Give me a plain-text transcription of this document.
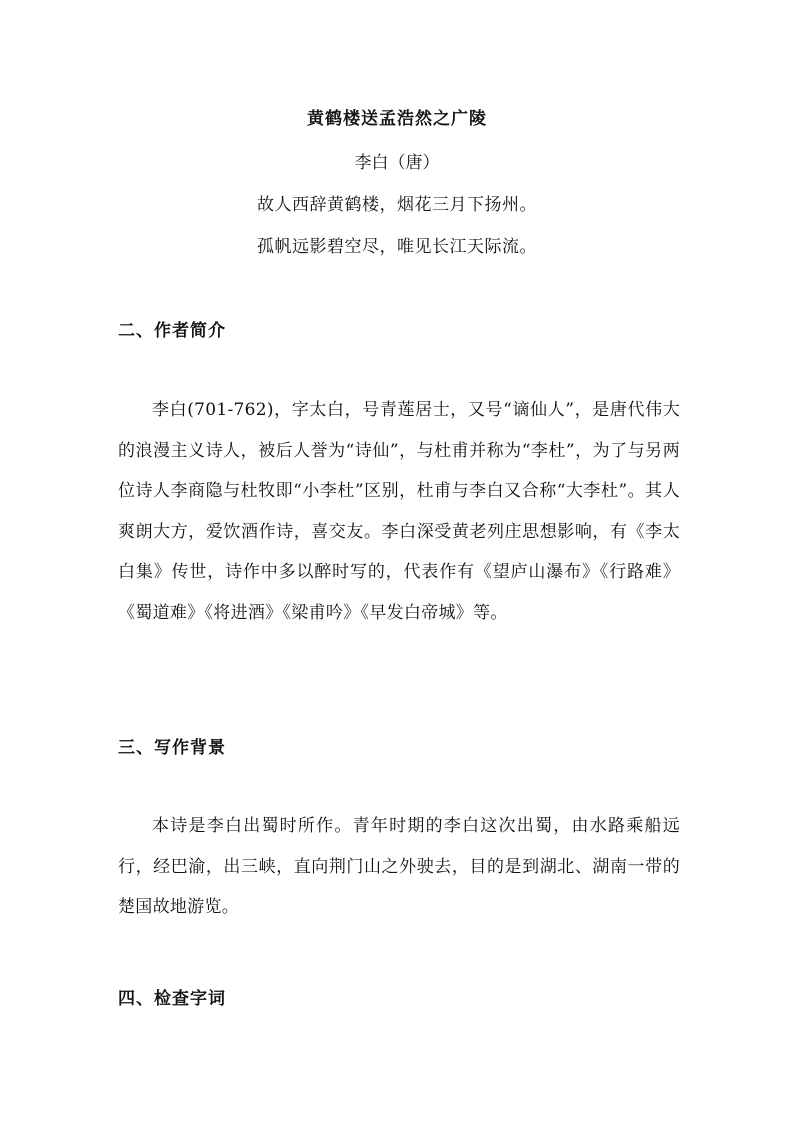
黄鹤楼送孟浩然之广陵
李白（唐）
故人西辞黄鹤楼，烟花三月下扬州。
孤帆远影碧空尽，唯见长江天际流。
二、作者简介
李白(701-762)，字太白，号青莲居士，又号“谪仙人”，是唐代伟大的浪漫主义诗人，被后人誉为“诗仙”，与杜甫并称为“李杜”，为了与另两位诗人李商隐与杜牧即“小李杜”区别，杜甫与李白又合称“大李杜”。其人爽朗大方，爱饮酒作诗，喜交友。李白深受黄老列庄思想影响，有《李太白集》传世，诗作中多以醉时写的，代表作有《望庐山瀑布》《行路难》《蜀道难》《将进酒》《梁甫吟》《早发白帝城》等。
三、写作背景
本诗是李白出蜀时所作。青年时期的李白这次出蜀，由水路乘船远行，经巴渝，出三峡，直向荆门山之外驶去，目的是到湖北、湖南一带的楚国故地游览。
四、检查字词
